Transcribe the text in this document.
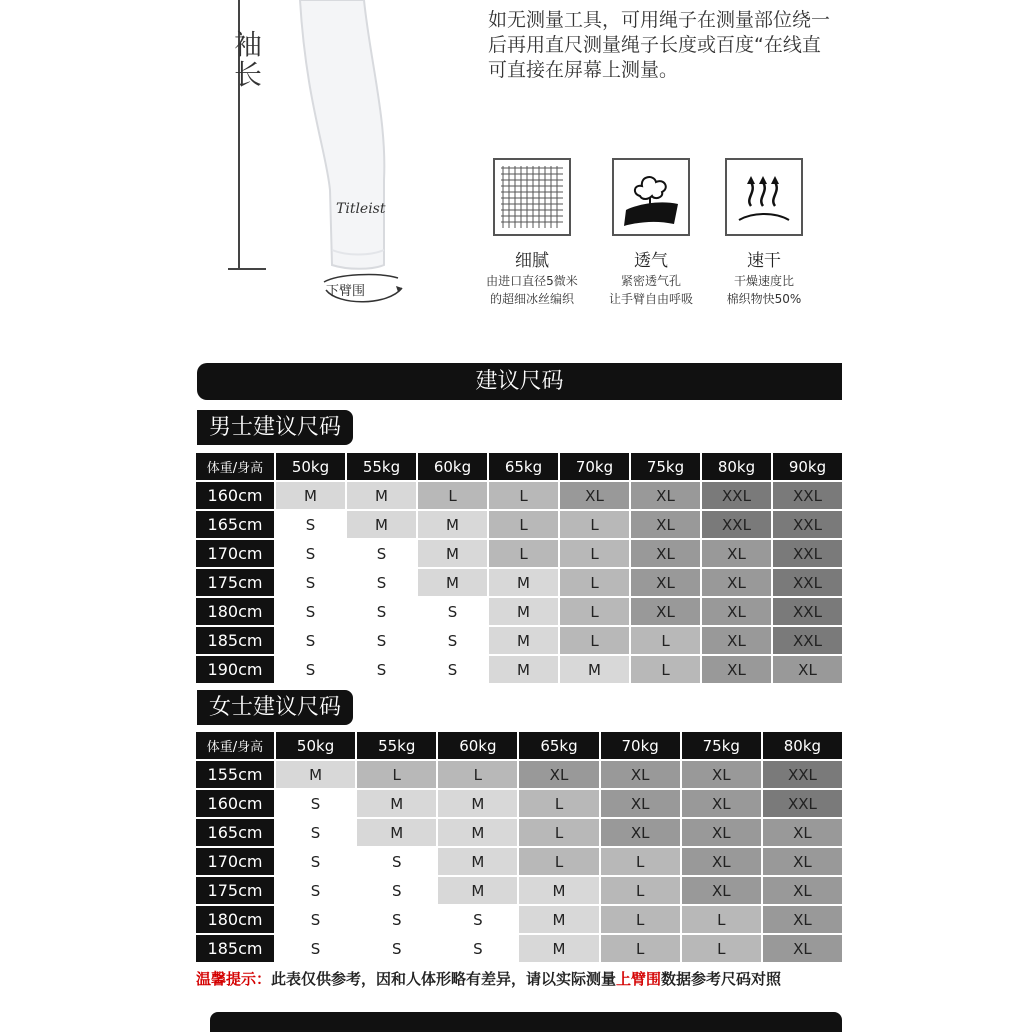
袖
长
Titleist
下臂围
如无测量工具，可用绳子在测量部位绕一
后再用直尺测量绳子长度或百度“在线直
可直接在屏幕上测量。
细腻
由进口直径5微米
的超细冰丝编织
透气
紧密透气孔
让手臂自由呼吸
速干
干燥速度比
棉织物快50%
建议尺码
男士建议尺码
体重/身高	50kg	55kg	60kg	65kg	70kg	75kg	80kg	90kg
160cm	M	M	L	L	XL	XL	XXL	XXL
165cm	S	M	M	L	L	XL	XXL	XXL
170cm	S	S	M	L	L	XL	XL	XXL
175cm	S	S	M	M	L	XL	XL	XXL
180cm	S	S	S	M	L	XL	XL	XXL
185cm	S	S	S	M	L	L	XL	XXL
190cm	S	S	S	M	M	L	XL	XL
女士建议尺码
体重/身高	50kg	55kg	60kg	65kg	70kg	75kg	80kg
155cm	M	L	L	XL	XL	XL	XXL
160cm	S	M	M	L	XL	XL	XXL
165cm	S	M	M	L	XL	XL	XL
170cm	S	S	M	L	L	XL	XL
175cm	S	S	M	M	L	XL	XL
180cm	S	S	S	M	L	L	XL
185cm	S	S	S	M	L	L	XL
温馨提示：此表仅供参考，因和人体形略有差异，请以实际测量上臂围数据参考尺码对照
